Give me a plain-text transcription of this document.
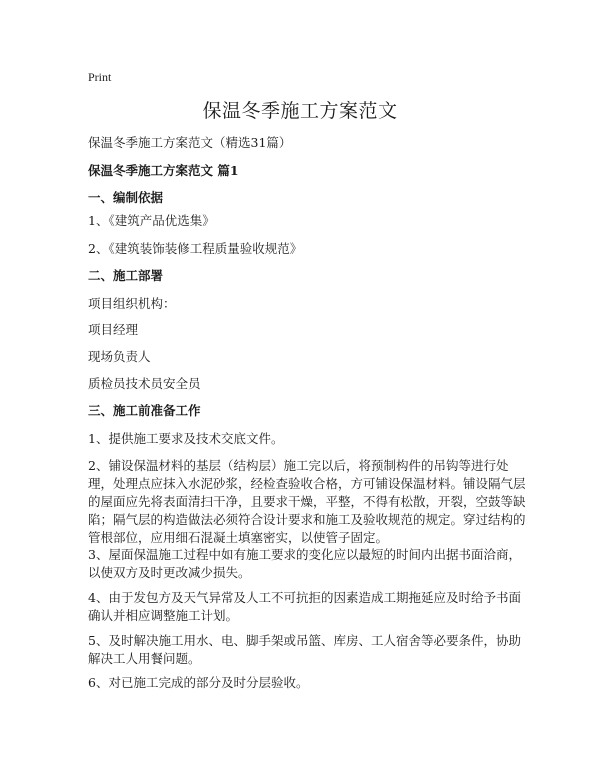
Print
保温冬季施工方案范文

保温冬季施工方案范文（精选31篇）

保温冬季施工方案范文 篇1

一、编制依据

1、《建筑产品优选集》

2、《建筑装饰装修工程质量验收规范》

二、施工部署

项目组织机构：

项目经理

现场负责人

质检员技术员安全员

三、施工前准备工作

1、提供施工要求及技术交底文件。

2、铺设保温材料的基层（结构层）施工完以后，将预制构件的吊钩等进行处理，处理点应抹入水泥砂浆，经检查验收合格，方可铺设保温材料。铺设隔气层的屋面应先将表面清扫干净，且要求干燥，平整，不得有松散，开裂，空鼓等缺陷；隔气层的构造做法必须符合设计要求和施工及验收规范的规定。穿过结构的管根部位，应用细石混凝土填塞密实，以使管子固定。

3、屋面保温施工过程中如有施工要求的变化应以最短的时间内出据书面洽商，以使双方及时更改减少损失。

4、由于发包方及天气异常及人工不可抗拒的因素造成工期拖延应及时给予书面确认并相应调整施工计划。

5、及时解决施工用水、电、脚手架或吊篮、库房、工人宿舍等必要条件，协助解决工人用餐问题。

6、对已施工完成的部分及时分层验收。
